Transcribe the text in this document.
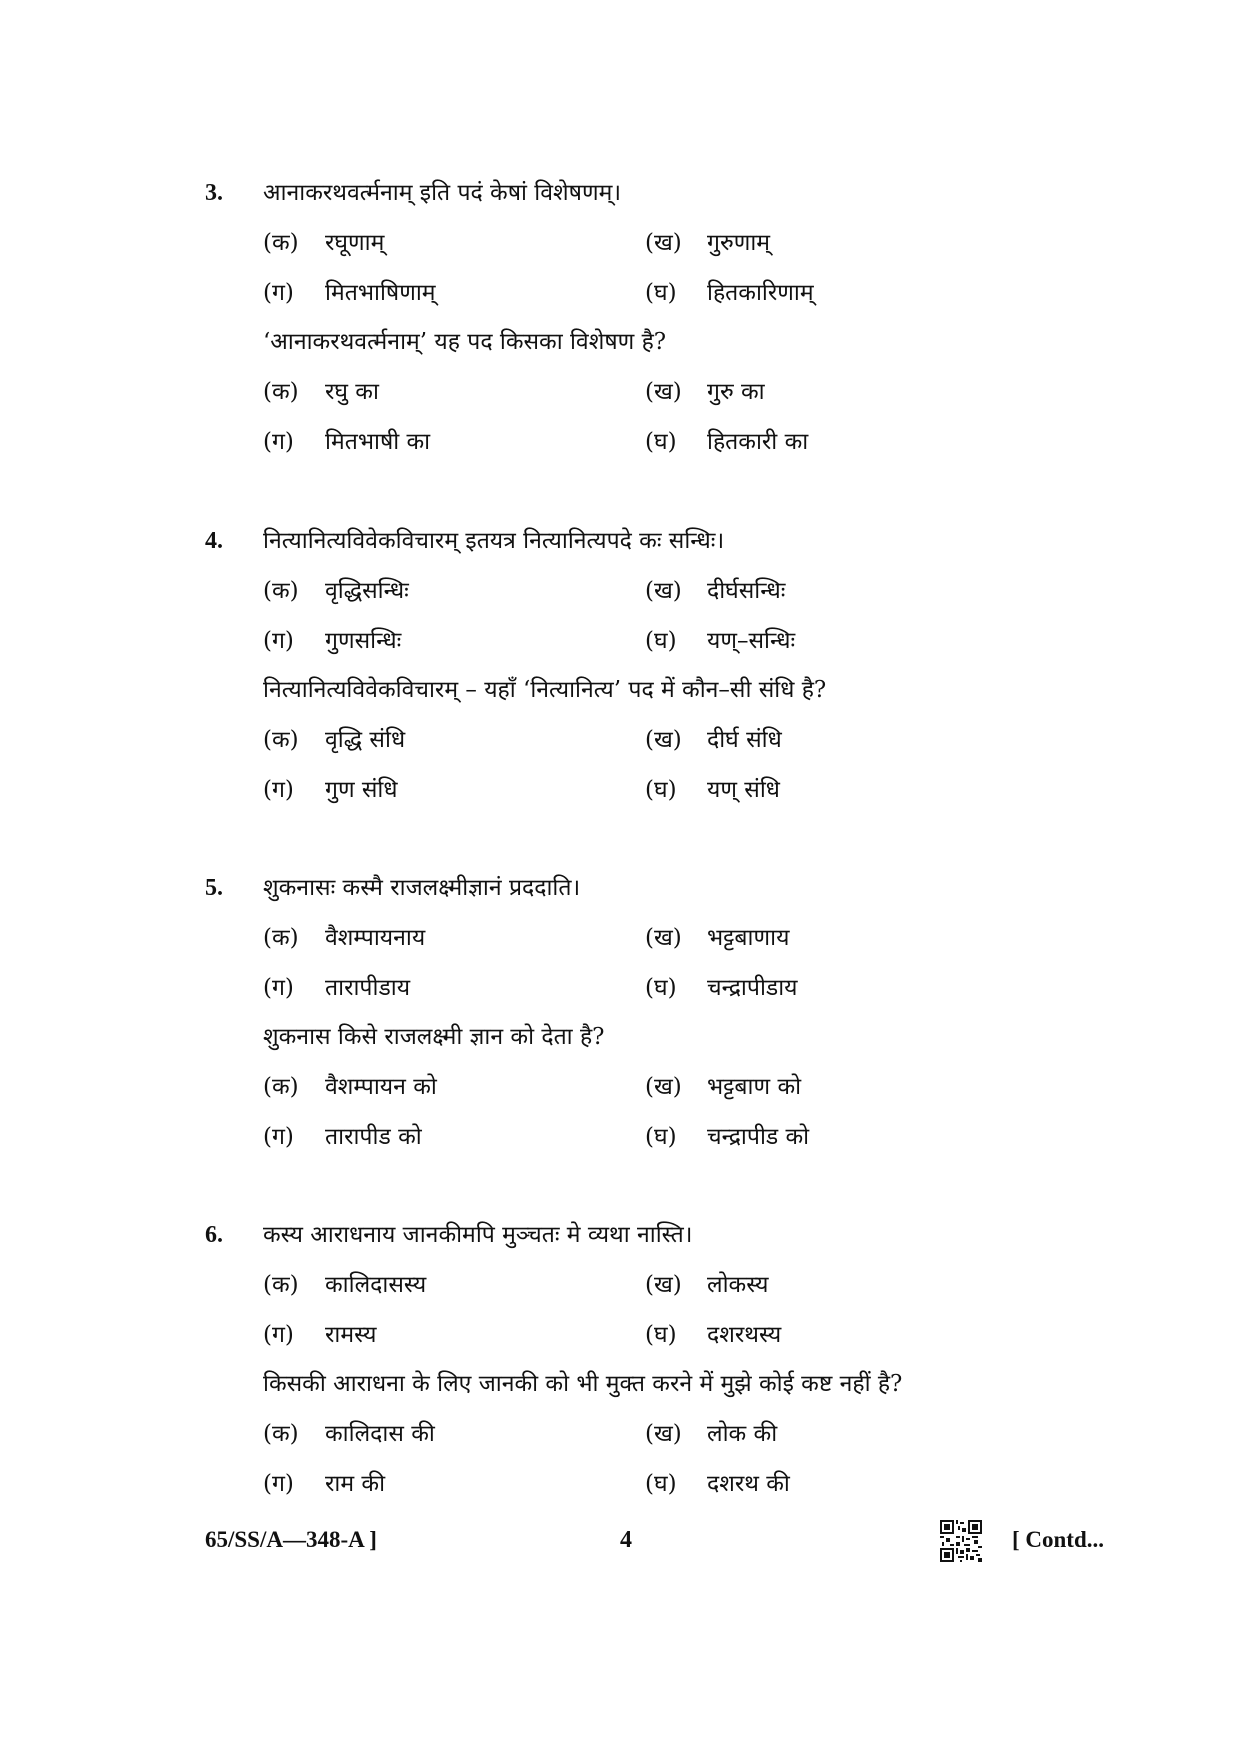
3. आनाकरथवर्त्मनाम् इति पदं केषां विशेषणम्।
(क) रघूणाम्	(ख) गुरुणाम्
(ग) मितभाषिणाम्	(घ) हितकारिणाम्
‘आनाकरथवर्त्मनाम्’ यह पद किसका विशेषण है?
(क) रघु का	(ख) गुरु का
(ग) मितभाषी का	(घ) हितकारी का
4. नित्यानित्यविवेकविचारम् इतयत्र नित्यानित्यपदे कः सन्धिः।
(क) वृद्धिसन्धिः	(ख) दीर्घसन्धिः
(ग) गुणसन्धिः	(घ) यण्–सन्धिः
नित्यानित्यविवेकविचारम् – यहाँ ‘नित्यानित्य’ पद में कौन–सी संधि है?
(क) वृद्धि संधि	(ख) दीर्घ संधि
(ग) गुण संधि	(घ) यण् संधि
5. शुकनासः कस्मै राजलक्ष्मीज्ञानं प्रददाति।
(क) वैशम्पायनाय	(ख) भट्टबाणाय
(ग) तारापीडाय	(घ) चन्द्रापीडाय
शुकनास किसे राजलक्ष्मी ज्ञान को देता है?
(क) वैशम्पायन को	(ख) भट्टबाण को
(ग) तारापीड को	(घ) चन्द्रापीड को
6. कस्य आराधनाय जानकीमपि मुञ्चतः मे व्यथा नास्ति।
(क) कालिदासस्य	(ख) लोकस्य
(ग) रामस्य	(घ) दशरथस्य
किसकी आराधना के लिए जानकी को भी मुक्त करने में मुझे कोई कष्ट नहीं है?
(क) कालिदास की	(ख) लोक की
(ग) राम की	(घ) दशरथ की
65/SS/A—348-A ]	4	[ Contd...
